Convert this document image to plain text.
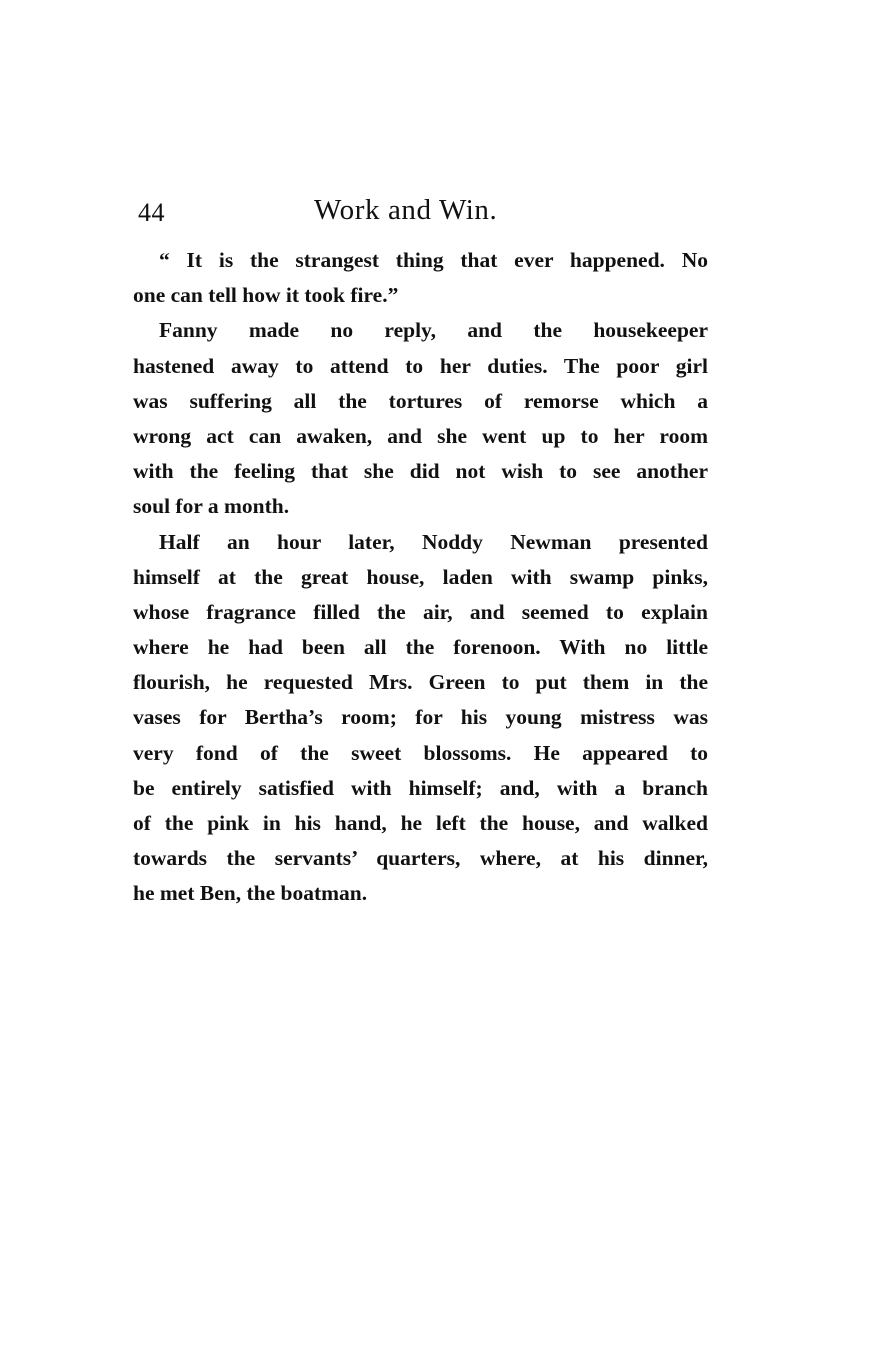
44	Work and Win.
“ It is the strangest thing that ever happened. No
one can tell how it took fire.”
Fanny made no reply, and the housekeeper
hastened away to attend to her duties. The poor girl
was suffering all the tortures of remorse which a
wrong act can awaken, and she went up to her room
with the feeling that she did not wish to see another
soul for a month.
Half an hour later, Noddy Newman presented
himself at the great house, laden with swamp pinks,
whose fragrance filled the air, and seemed to explain
where he had been all the forenoon. With no little
flourish, he requested Mrs. Green to put them in the
vases for Bertha’s room; for his young mistress was
very fond of the sweet blossoms. He appeared to
be entirely satisfied with himself; and, with a branch
of the pink in his hand, he left the house, and walked
towards the servants’ quarters, where, at his dinner,
he met Ben, the boatman.
